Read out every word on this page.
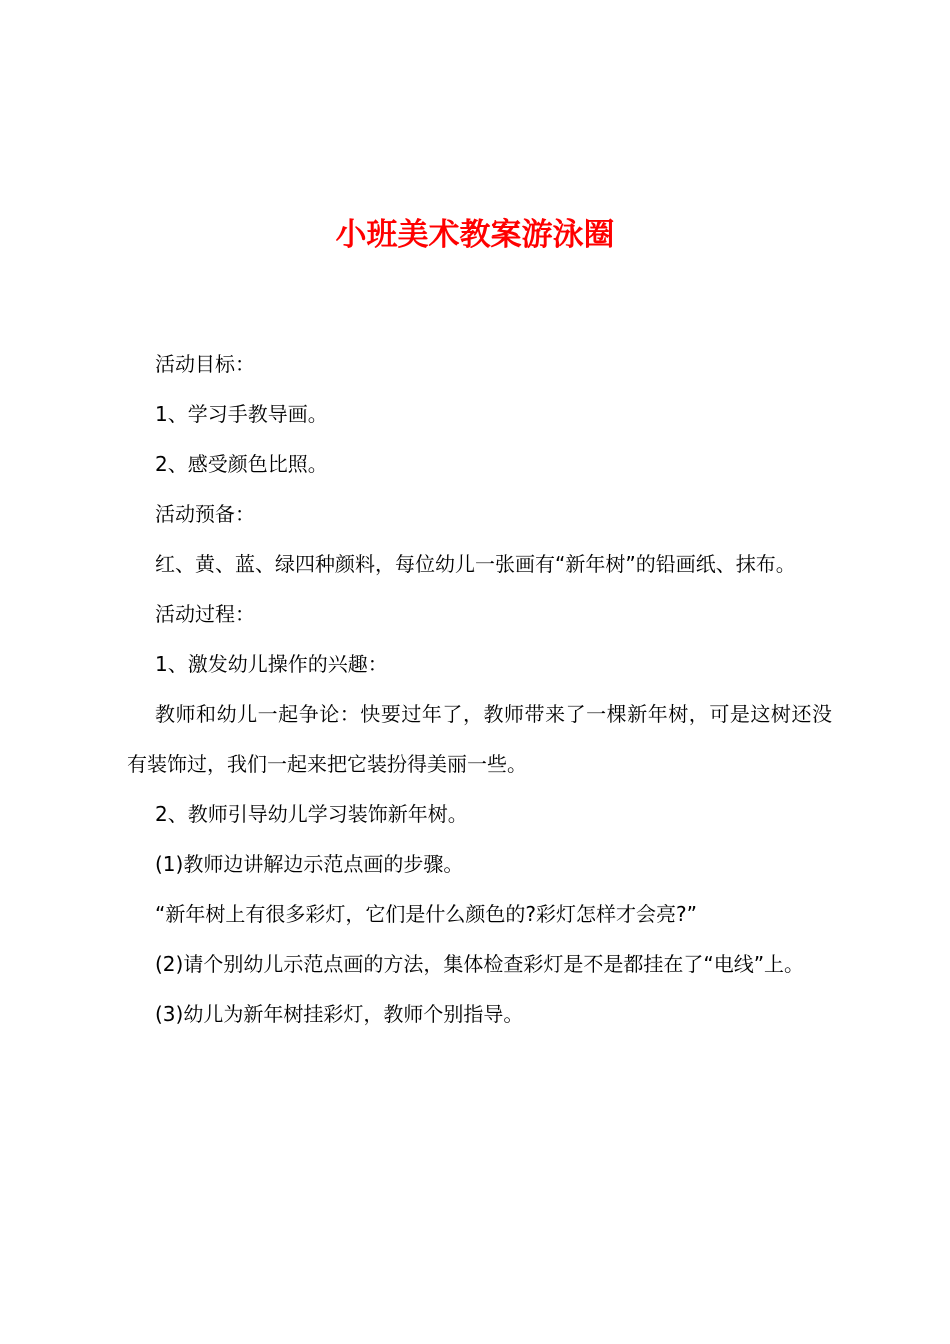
小班美术教案游泳圈

活动目标：

1、学习手教导画。

2、感受颜色比照。

活动预备：

红、黄、蓝、绿四种颜料，每位幼儿一张画有“新年树”的铅画纸、抹布。

活动过程：

1、激发幼儿操作的兴趣：

教师和幼儿一起争论：快要过年了，教师带来了一棵新年树，可是这树还没有装饰过，我们一起来把它装扮得美丽一些。

2、教师引导幼儿学习装饰新年树。

(1)教师边讲解边示范点画的步骤。

“新年树上有很多彩灯，它们是什么颜色的?彩灯怎样才会亮?”

(2)请个别幼儿示范点画的方法，集体检查彩灯是不是都挂在了“电线”上。

(3)幼儿为新年树挂彩灯，教师个别指导。
